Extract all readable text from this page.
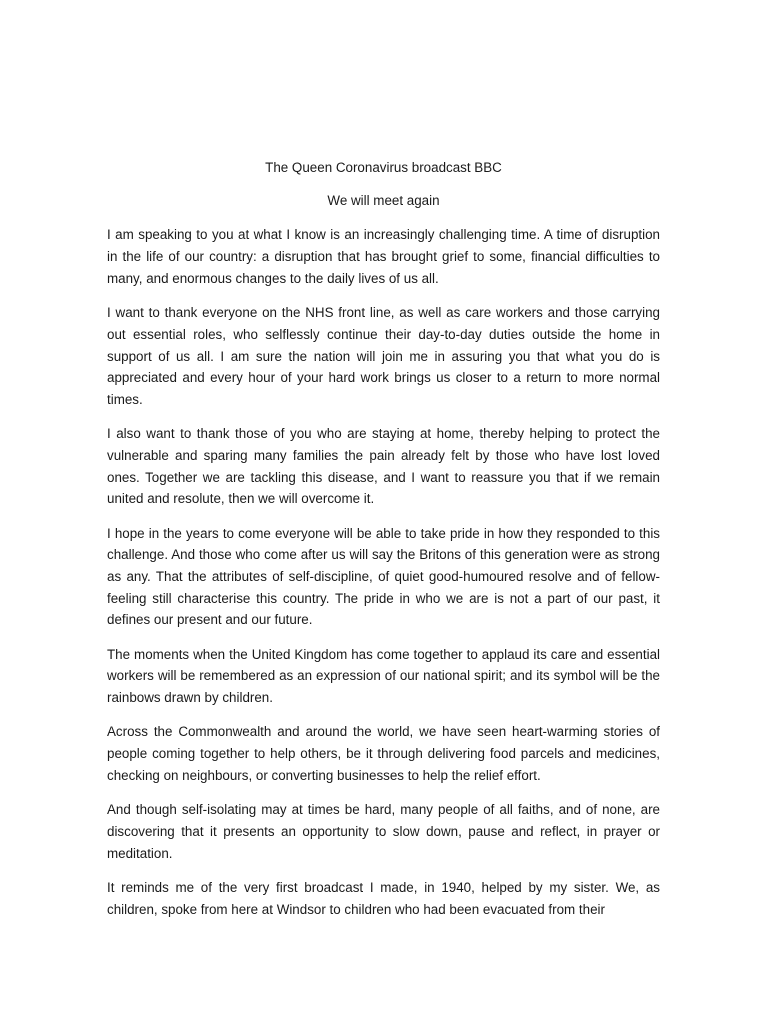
The Queen Coronavirus broadcast BBC

We will meet again

I am speaking to you at what I know is an increasingly challenging time. A time of disruption in the life of our country: a disruption that has brought grief to some, financial difficulties to many, and enormous changes to the daily lives of us all.

I want to thank everyone on the NHS front line, as well as care workers and those carrying out essential roles, who selflessly continue their day-to-day duties outside the home in support of us all. I am sure the nation will join me in assuring you that what you do is appreciated and every hour of your hard work brings us closer to a return to more normal times.

I also want to thank those of you who are staying at home, thereby helping to protect the vulnerable and sparing many families the pain already felt by those who have lost loved ones. Together we are tackling this disease, and I want to reassure you that if we remain united and resolute, then we will overcome it.

I hope in the years to come everyone will be able to take pride in how they responded to this challenge. And those who come after us will say the Britons of this generation were as strong as any. That the attributes of self-discipline, of quiet good-humoured resolve and of fellow-feeling still characterise this country. The pride in who we are is not a part of our past, it defines our present and our future.

The moments when the United Kingdom has come together to applaud its care and essential workers will be remembered as an expression of our national spirit; and its symbol will be the rainbows drawn by children.

Across the Commonwealth and around the world, we have seen heart-warming stories of people coming together to help others, be it through delivering food parcels and medicines, checking on neighbours, or converting businesses to help the relief effort.

And though self-isolating may at times be hard, many people of all faiths, and of none, are discovering that it presents an opportunity to slow down, pause and reflect, in prayer or meditation.

It reminds me of the very first broadcast I made, in 1940, helped by my sister. We, as children, spoke from here at Windsor to children who had been evacuated from their
